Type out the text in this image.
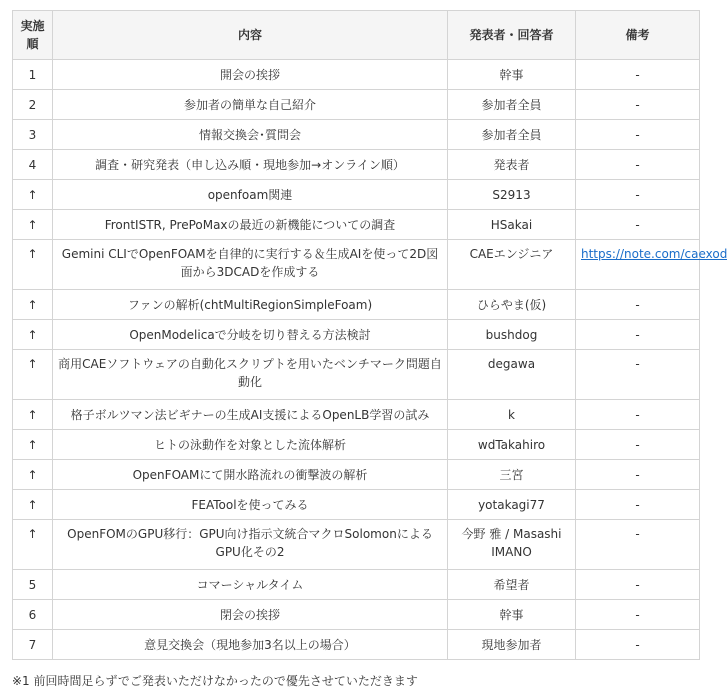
実施順	内容	発表者・回答者	備考
1	開会の挨拶	幹事	-
2	参加者の簡単な自己紹介	参加者全員	-
3	情報交換会･質問会	参加者全員	-
4	調査・研究発表（申し込み順・現地参加→オンライン順）	発表者	-
↑	openfoam関連	S2913	-
↑	FrontISTR, PrePoMaxの最近の新機能についての調査	HSakai	-
↑	Gemini CLIでOpenFOAMを自律的に実行する＆生成AIを使って2D図面から3DCADを作成する	CAEエンジニア	https://note.com/caexod
↑	ファンの解析(chtMultiRegionSimpleFoam)	ひらやま(仮)	-
↑	OpenModelicaで分岐を切り替える方法検討	bushdog	-
↑	商用CAEソフトウェアの自動化スクリプトを用いたベンチマーク問題自動化	degawa	-
↑	格子ボルツマン法ビギナーの生成AI支援によるOpenLB学習の試み	k	-
↑	ヒトの泳動作を対象とした流体解析	wdTakahiro	-
↑	OpenFOAMにて開水路流れの衝撃波の解析	三宮	-
↑	FEAToolを使ってみる	yotakagi77	-
↑	OpenFOMのGPU移行：GPU向け指示文統合マクロSolomonによるGPU化その2	今野 雅 / Masashi IMANO	-
5	コマーシャルタイム	希望者	-
6	閉会の挨拶	幹事	-
7	意見交換会（現地参加3名以上の場合）	現地参加者	-
※1 前回時間足らずでご発表いただけなかったので優先させていただきます
